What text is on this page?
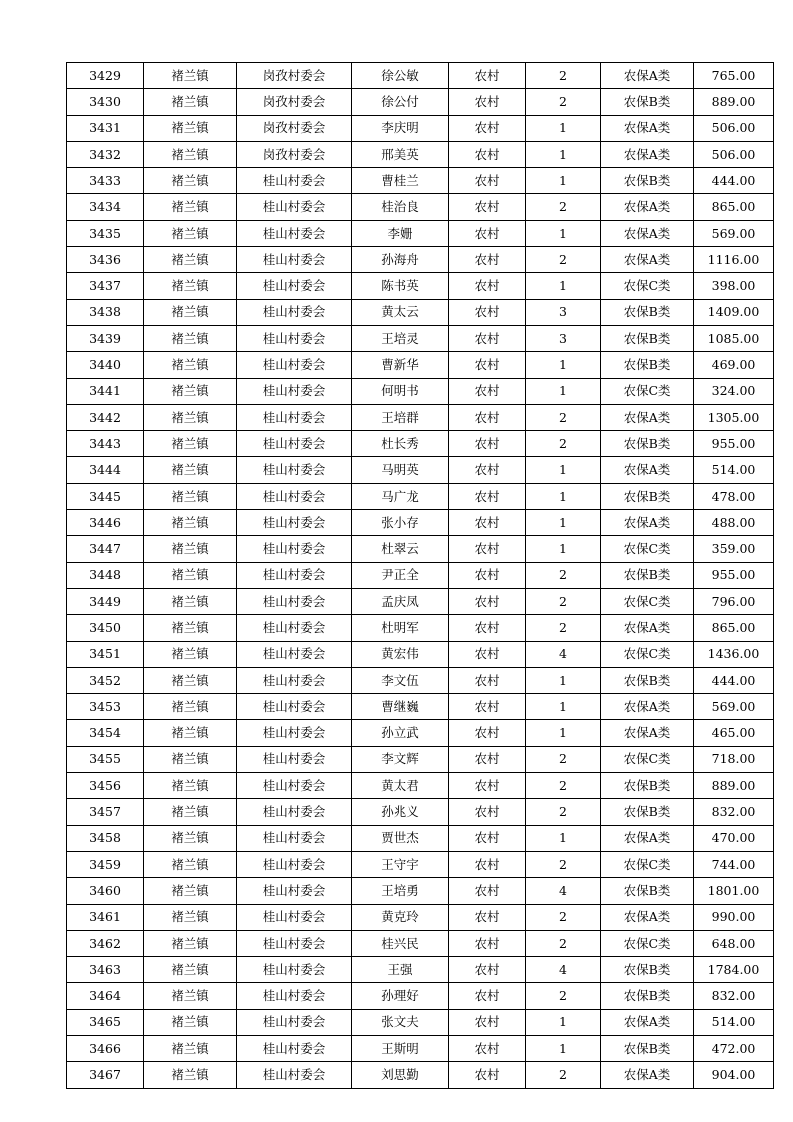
3429	褚兰镇	岗孜村委会	徐公敏	农村	2	农保A类	765.00
3430	褚兰镇	岗孜村委会	徐公付	农村	2	农保B类	889.00
3431	褚兰镇	岗孜村委会	李庆明	农村	1	农保A类	506.00
3432	褚兰镇	岗孜村委会	邢美英	农村	1	农保A类	506.00
3433	褚兰镇	桂山村委会	曹桂兰	农村	1	农保B类	444.00
3434	褚兰镇	桂山村委会	桂治良	农村	2	农保A类	865.00
3435	褚兰镇	桂山村委会	李姗	农村	1	农保A类	569.00
3436	褚兰镇	桂山村委会	孙海舟	农村	2	农保A类	1116.00
3437	褚兰镇	桂山村委会	陈书英	农村	1	农保C类	398.00
3438	褚兰镇	桂山村委会	黄太云	农村	3	农保B类	1409.00
3439	褚兰镇	桂山村委会	王培灵	农村	3	农保B类	1085.00
3440	褚兰镇	桂山村委会	曹新华	农村	1	农保B类	469.00
3441	褚兰镇	桂山村委会	何明书	农村	1	农保C类	324.00
3442	褚兰镇	桂山村委会	王培群	农村	2	农保A类	1305.00
3443	褚兰镇	桂山村委会	杜长秀	农村	2	农保B类	955.00
3444	褚兰镇	桂山村委会	马明英	农村	1	农保A类	514.00
3445	褚兰镇	桂山村委会	马广龙	农村	1	农保B类	478.00
3446	褚兰镇	桂山村委会	张小存	农村	1	农保A类	488.00
3447	褚兰镇	桂山村委会	杜翠云	农村	1	农保C类	359.00
3448	褚兰镇	桂山村委会	尹正全	农村	2	农保B类	955.00
3449	褚兰镇	桂山村委会	孟庆凤	农村	2	农保C类	796.00
3450	褚兰镇	桂山村委会	杜明军	农村	2	农保A类	865.00
3451	褚兰镇	桂山村委会	黄宏伟	农村	4	农保C类	1436.00
3452	褚兰镇	桂山村委会	李文伍	农村	1	农保B类	444.00
3453	褚兰镇	桂山村委会	曹继巍	农村	1	农保A类	569.00
3454	褚兰镇	桂山村委会	孙立武	农村	1	农保A类	465.00
3455	褚兰镇	桂山村委会	李文辉	农村	2	农保C类	718.00
3456	褚兰镇	桂山村委会	黄太君	农村	2	农保B类	889.00
3457	褚兰镇	桂山村委会	孙兆义	农村	2	农保B类	832.00
3458	褚兰镇	桂山村委会	贾世杰	农村	1	农保A类	470.00
3459	褚兰镇	桂山村委会	王守宇	农村	2	农保C类	744.00
3460	褚兰镇	桂山村委会	王培勇	农村	4	农保B类	1801.00
3461	褚兰镇	桂山村委会	黄克玲	农村	2	农保A类	990.00
3462	褚兰镇	桂山村委会	桂兴民	农村	2	农保C类	648.00
3463	褚兰镇	桂山村委会	王强	农村	4	农保B类	1784.00
3464	褚兰镇	桂山村委会	孙理好	农村	2	农保B类	832.00
3465	褚兰镇	桂山村委会	张文夫	农村	1	农保A类	514.00
3466	褚兰镇	桂山村委会	王斯明	农村	1	农保B类	472.00
3467	褚兰镇	桂山村委会	刘思勤	农村	2	农保A类	904.00
